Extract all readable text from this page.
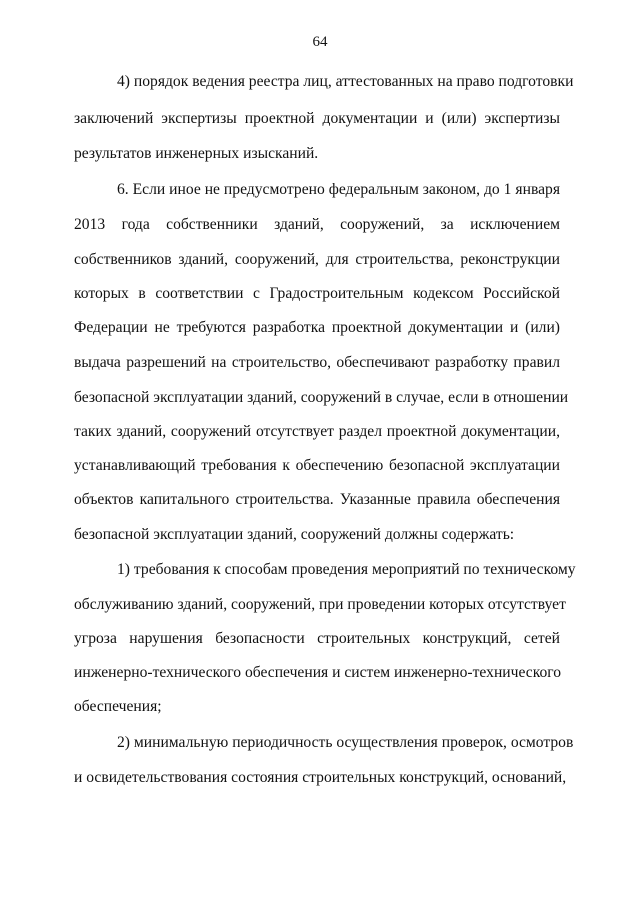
64
4) порядок ведения реестра лиц, аттестованных на право подготовки
заключений экспертизы проектной документации и (или) экспертизы
результатов инженерных изысканий.
6. Если иное не предусмотрено федеральным законом, до 1 января
2013 года собственники зданий, сооружений, за исключением
собственников зданий, сооружений, для строительства, реконструкции
которых в соответствии с Градостроительным кодексом Российской
Федерации не требуются разработка проектной документации и (или)
выдача разрешений на строительство, обеспечивают разработку правил
безопасной эксплуатации зданий, сооружений в случае, если в отношении
таких зданий, сооружений отсутствует раздел проектной документации,
устанавливающий требования к обеспечению безопасной эксплуатации
объектов капитального строительства. Указанные правила обеспечения
безопасной эксплуатации зданий, сооружений должны содержать:
1) требования к способам проведения мероприятий по техническому
обслуживанию зданий, сооружений, при проведении которых отсутствует
угроза нарушения безопасности строительных конструкций, сетей
инженерно-технического обеспечения и систем инженерно-технического
обеспечения;
2) минимальную периодичность осуществления проверок, осмотров
и освидетельствования состояния строительных конструкций, оснований,
